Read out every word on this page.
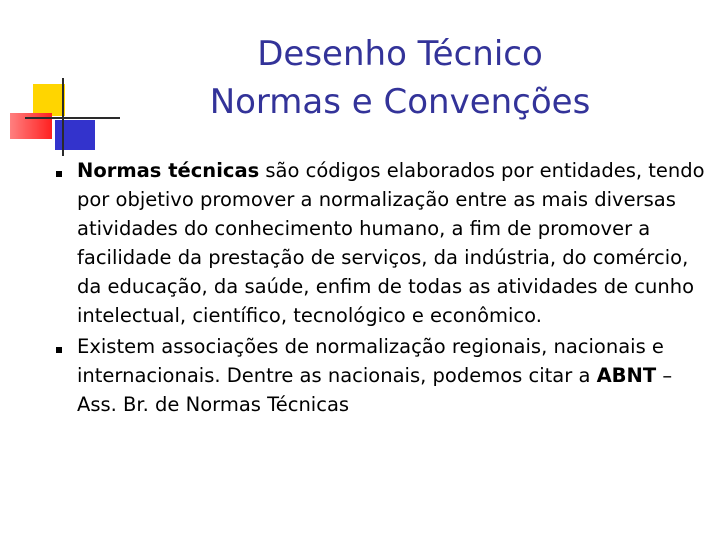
Desenho Técnico
Normas e Convenções
Normas técnicas são códigos elaborados por entidades, tendo por objetivo promover a normalização entre as mais diversas atividades do conhecimento humano, a fim de promover a facilidade da prestação de serviços, da indústria, do comércio, da educação, da saúde, enfim de todas as atividades de cunho intelectual, científico, tecnológico e econômico.
Existem associações de normalização regionais, nacionais e internacionais. Dentre as nacionais, podemos citar a ABNT – Ass. Br. de Normas Técnicas
